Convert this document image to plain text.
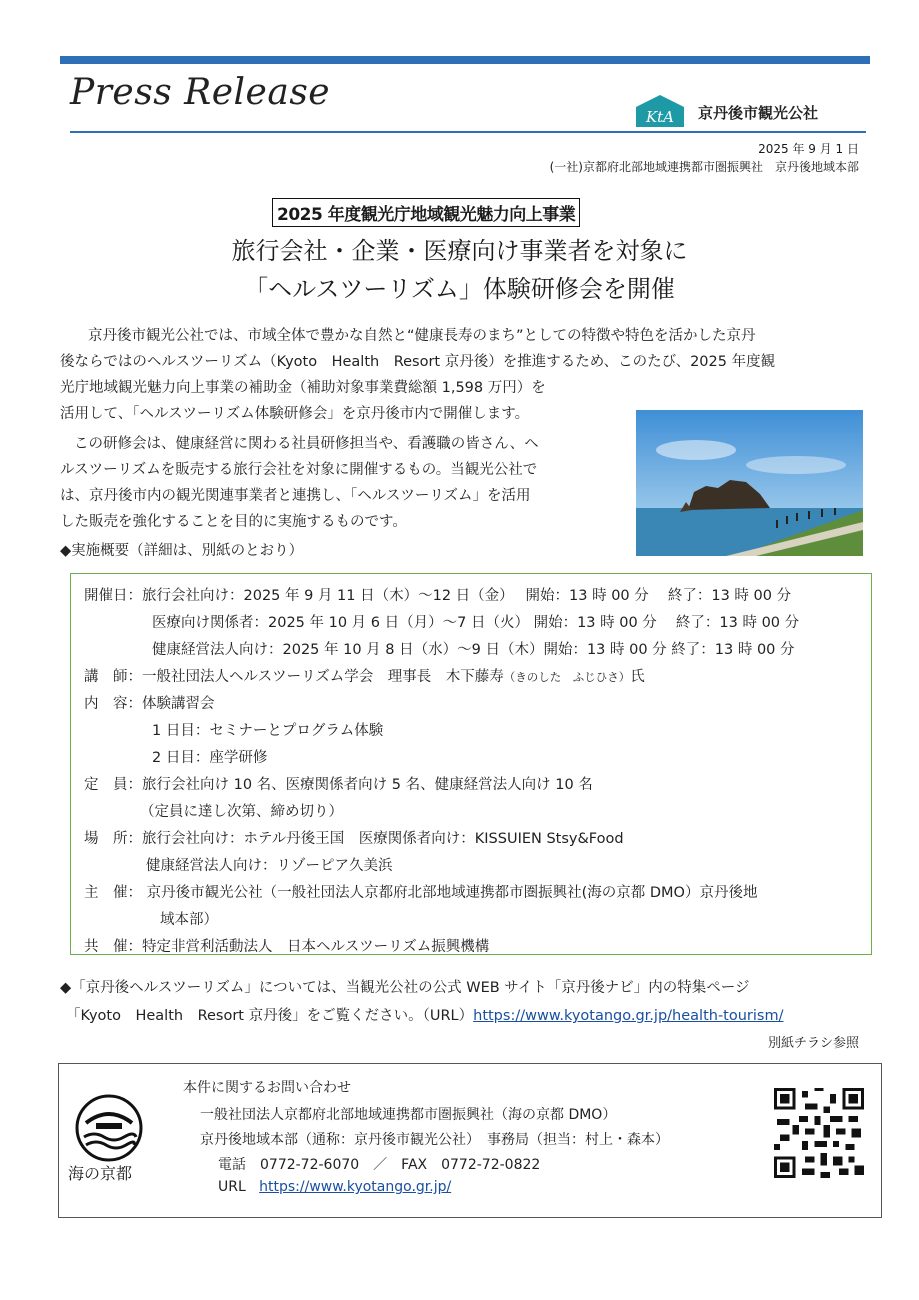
Press Release
KtA 京丹後市観光公社
2025 年 9 月 1 日
(一社)京都府北部地域連携都市圏振興社　京丹後地域本部
2025 年度観光庁地域観光魅力向上事業
旅行会社・企業・医療向け事業者を対象に
「ヘルスツーリズム」体験研修会を開催
京丹後市観光公社では、市域全体で豊かな自然と“健康長寿のまち”としての特徴や特色を活かした京丹
後ならではのヘルスツーリズム（Kyoto　Health　Resort 京丹後）を推進するため、このたび、2025 年度観
光庁地域観光魅力向上事業の補助金（補助対象事業費総額 1,598 万円）を
活用して、「ヘルスツーリズム体験研修会」を京丹後市内で開催します。
この研修会は、健康経営に関わる社員研修担当や、看護職の皆さん、ヘ
ルスツーリズムを販売する旅行会社を対象に開催するもの。当観光公社で
は、京丹後市内の観光関連事業者と連携し、「ヘルスツーリズム」を活用
した販売を強化することを目的に実施するものです。
◆実施概要（詳細は、別紙のとおり）
開催日：旅行会社向け：2025 年 9 月 11 日（木）～12 日（金）　 開始：13 時 00 分　 終了：13 時 00 分
医療向け関係者：2025 年 10 月 6 日（月）～7 日（火） 開始：13 時 00 分　 終了：13 時 00 分
健康経営法人向け：2025 年 10 月 8 日（水）～9 日（木）開始：13 時 00 分 終了：13 時 00 分
講　師：一般社団法人ヘルスツーリズム学会　理事長　木下藤寿（きのした　ふじひさ）氏
内　容：体験講習会
1 日目：セミナーとプログラム体験
2 日目：座学研修
定　員：旅行会社向け 10 名、医療関係者向け 5 名、健康経営法人向け 10 名
（定員に達し次第、締め切り）
場　所：旅行会社向け：ホテル丹後王国　医療関係者向け：KISSUIEN Stsy&Food
健康経営法人向け：リゾーピア久美浜
主　催： 京丹後市観光公社（一般社団法人京都府北部地域連携都市圏振興社(海の京都 DMO）京丹後地
域本部）
共　催：特定非営利活動法人　日本ヘルスツーリズム振興機構
◆「京丹後ヘルスツーリズム」については、当観光公社の公式 WEB サイト「京丹後ナビ」内の特集ページ
「Kyoto　Health　Resort 京丹後」をご覧ください。（URL）https://www.kyotango.gr.jp/health-tourism/
別紙チラシ参照
海の京都
本件に関するお問い合わせ
一般社団法人京都府北部地域連携都市圏振興社（海の京都 DMO）
京丹後地域本部（通称：京丹後市観光公社）　事務局（担当：村上・森本）
電話　0772-72-6070　／　FAX　0772-72-0822
URL https://www.kyotango.gr.jp/
